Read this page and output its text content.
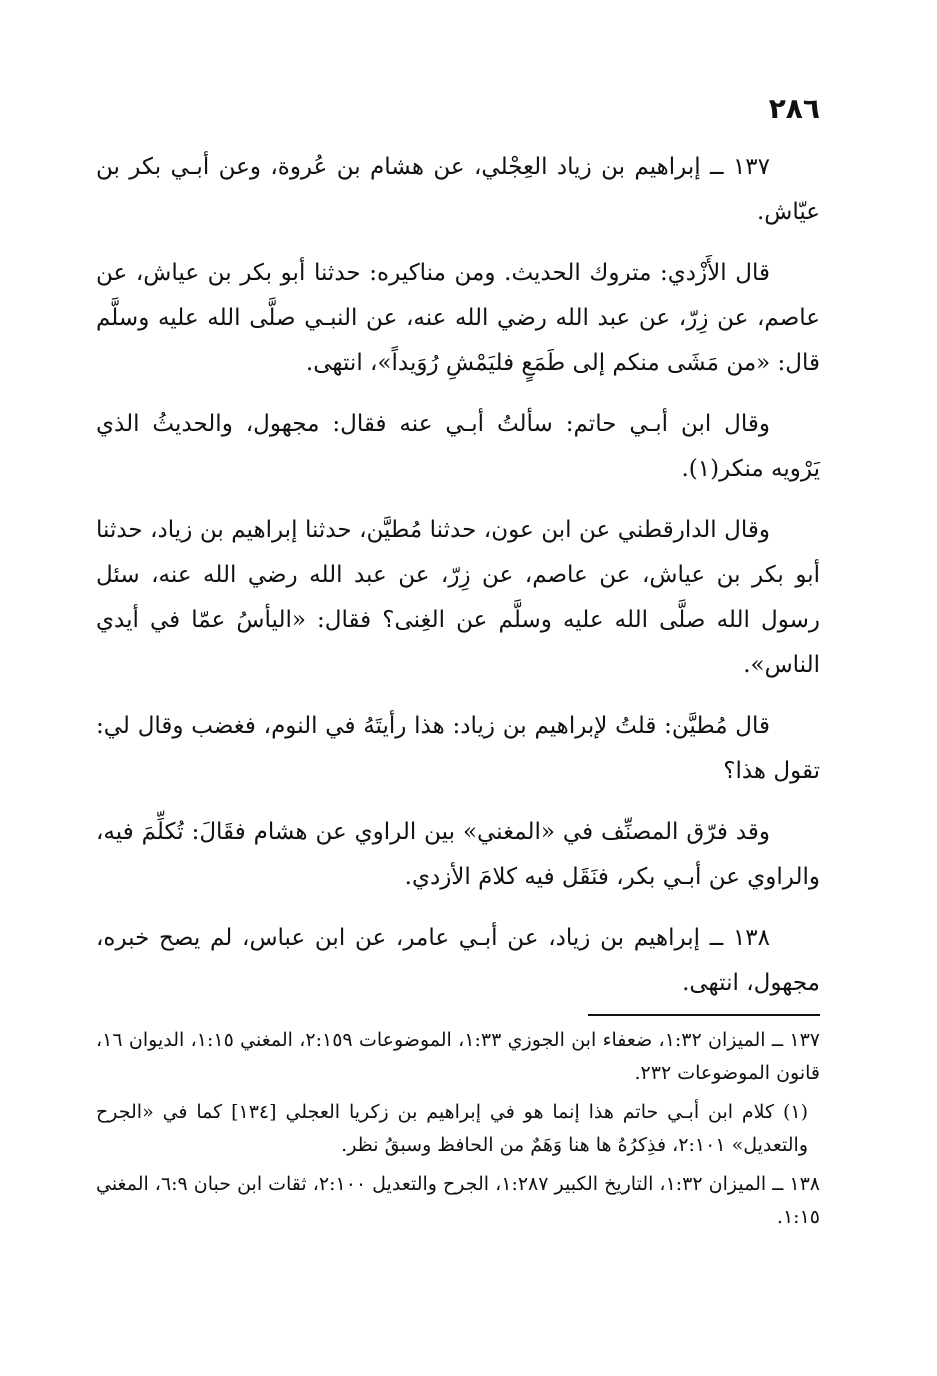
٢٨٦

١٣٧ ــ إبراهيم بن زياد العِجْلي، عن هشام بن عُروة، وعن أبـي بكر بن عيّاش.

قال الأَزْدي: متروك الحديث. ومن مناكيره: حدثنا أبو بكر بن عياش، عن عاصم، عن زِرّ، عن عبد الله رضي الله عنه، عن النبـي صلَّى الله عليه وسلَّم قال: «من مَشَى منكم إلى طَمَعٍ فليَمْشِ رُوَيداً»، انتهى.

وقال ابن أبـي حاتم: سألتُ أبـي عنه فقال: مجهول، والحديثُ الذي يَرْويه منكر(١).

وقال الدارقطني عن ابن عون، حدثنا مُطيَّن، حدثنا إبراهيم بن زياد، حدثنا أبو بكر بن عياش، عن عاصم، عن زِرّ، عن عبد الله رضي الله عنه، سئل رسول الله صلَّى الله عليه وسلَّم عن الغِنى؟ فقال: «اليأسُ عمّا في أيدي الناس».

قال مُطيَّن: قلتُ لإبراهيم بن زياد: هذا رأيتَهُ في النوم، فغضب وقال لي: تقول هذا؟

وقد فرّق المصنِّف في «المغني» بين الراوي عن هشام فقَالَ: تُكلِّمَ فيه، والراوي عن أبـي بكر، فنَقَل فيه كلامَ الأزدي.

١٣٨ ــ إبراهيم بن زياد، عن أبـي عامر، عن ابن عباس، لم يصح خبره، مجهول، انتهى.

١٣٧ ــ الميزان ١:٣٢، ضعفاء ابن الجوزي ١:٣٣، الموضوعات ٢:١٥٩، المغني ١:١٥، الديوان ١٦، قانون الموضوعات ٢٣٢.

(١) كلام ابن أبـي حاتم هذا إنما هو في إبراهيم بن زكريا العجلي [١٣٤] كما في «الجرح والتعديل» ٢:١٠١، فذِكرُهُ ها هنا وَهَمٌ من الحافظ وسبقُ نظر.

١٣٨ ــ الميزان ١:٣٢، التاريخ الكبير ١:٢٨٧، الجرح والتعديل ٢:١٠٠، ثقات ابن حبان ٦:٩، المغني ١:١٥.
